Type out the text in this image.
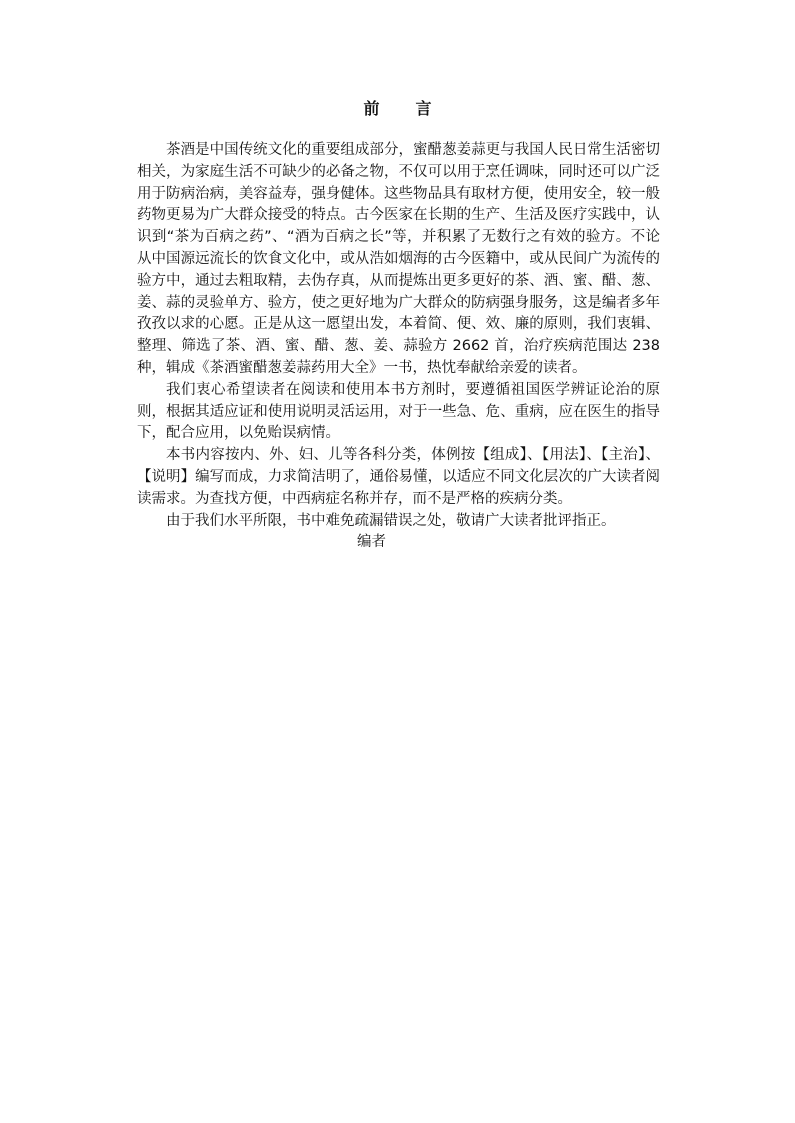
前 言

茶酒是中国传统文化的重要组成部分，蜜醋葱姜蒜更与我国人民日常生活密切相关，为家庭生活不可缺少的必备之物，不仅可以用于烹任调味，同时还可以广泛用于防病治病，美容益寿，强身健体。这些物品具有取材方便，使用安全，较一般药物更易为广大群众接受的特点。古今医家在长期的生产、生活及医疗实践中，认识到“茶为百病之药”、“酒为百病之长”等，并积累了无数行之有效的验方。不论从中国源远流长的饮食文化中，或从浩如烟海的古今医籍中，或从民间广为流传的验方中，通过去粗取精，去伪存真，从而提炼出更多更好的茶、酒、蜜、醋、葱、姜、蒜的灵验单方、验方，使之更好地为广大群众的防病强身服务，这是编者多年孜孜以求的心愿。正是从这一愿望出发，本着简、便、效、廉的原则，我们衷辑、整理、筛选了茶、酒、蜜、醋、葱、姜、蒜验方 2662 首，治疗疾病范围达 238 种，辑成《茶酒蜜醋葱姜蒜药用大全》一书，热忱奉献给亲爱的读者。

我们衷心希望读者在阅读和使用本书方剂时，要遵循祖国医学辨证论治的原则，根据其适应证和使用说明灵活运用，对于一些急、危、重病，应在医生的指导下，配合应用，以免贻误病情。

本书内容按内、外、妇、儿等各科分类，体例按【组成】、【用法】、【主治】、【说明】编写而成，力求简洁明了，通俗易懂，以适应不同文化层次的广大读者阅读需求。为查找方便，中西病症名称并存，而不是严格的疾病分类。

由于我们水平所限，书中难免疏漏错误之处，敬请广大读者批评指正。

编者
